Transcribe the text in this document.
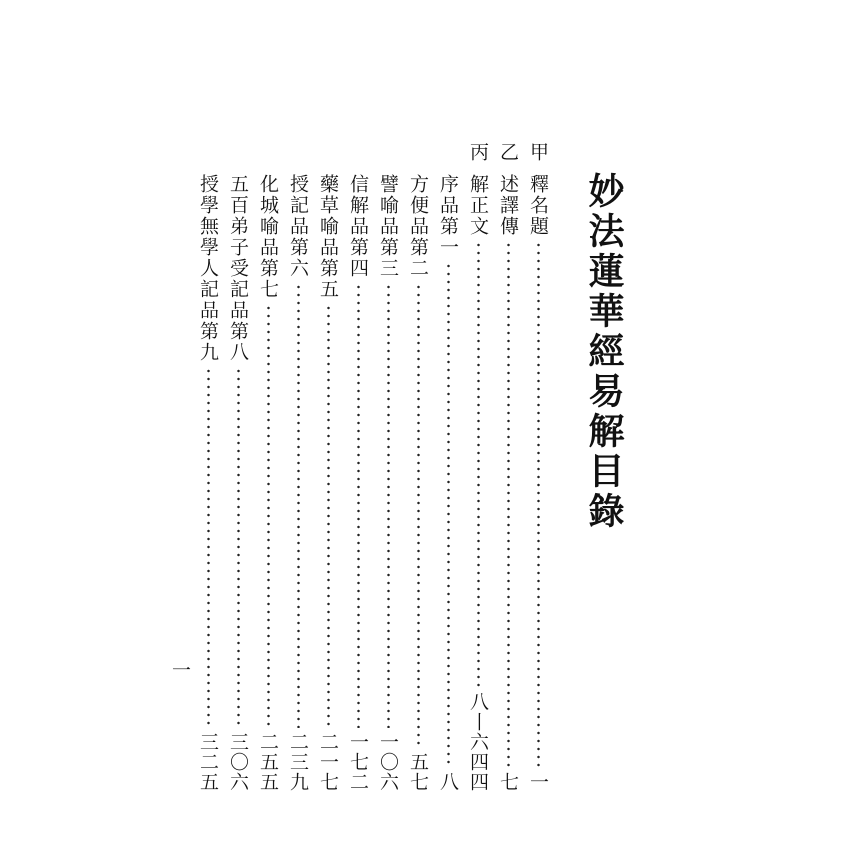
妙法蓮華經易解目錄
甲
釋名題
一
乙
述譯傳
七
丙
解正文
八丨六四四
序品第一
八
方便品第二
五七
譬喻品第三
一〇六
信解品第四
一七二
藥草喻品第五
二一七
授記品第六
二三九
化城喻品第七
二五五
五百弟子受記品第八
三〇六
授學無學人記品第九
三二五
一
